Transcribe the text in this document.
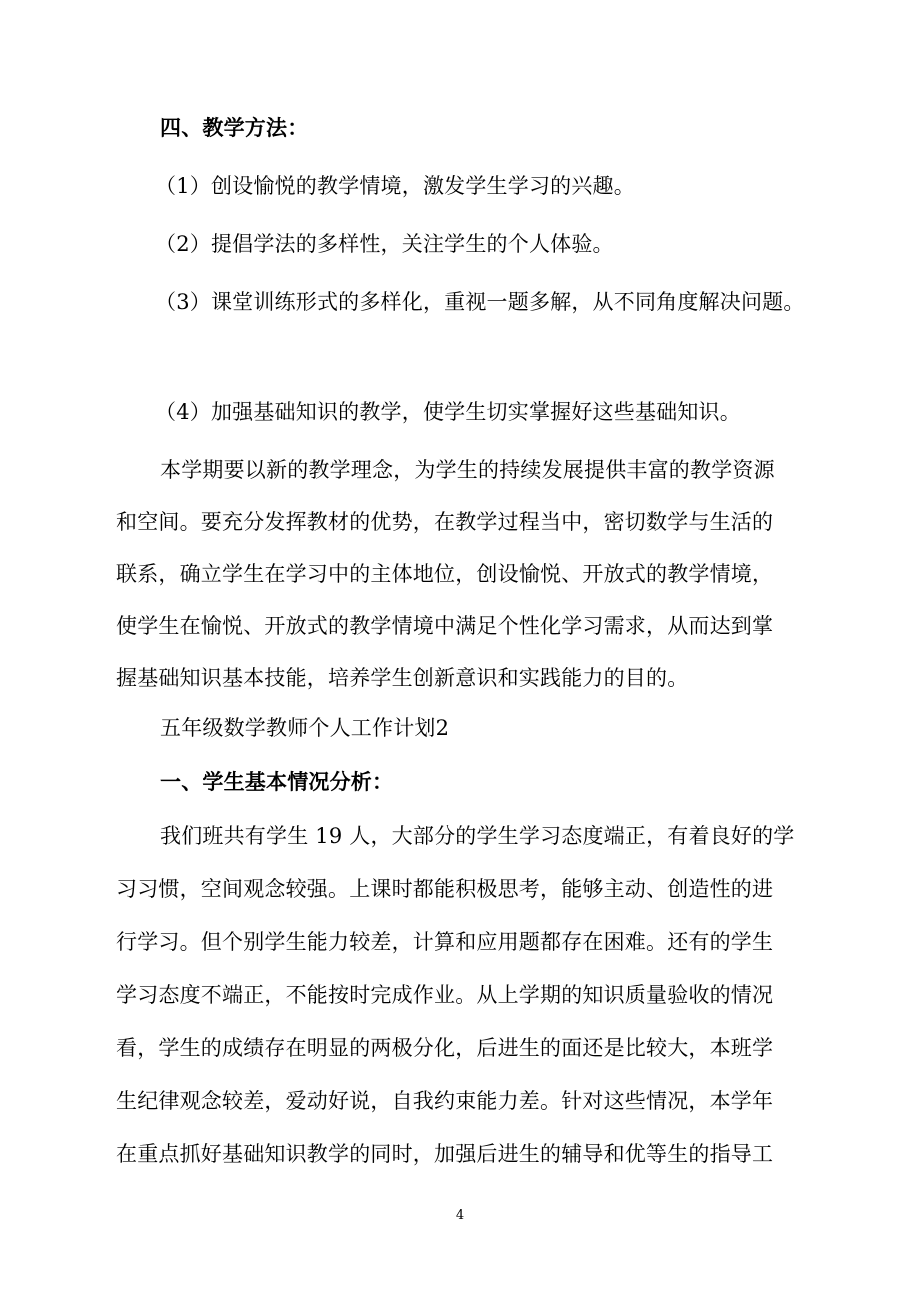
四、教学方法：
（1）创设愉悦的教学情境，激发学生学习的兴趣。
（2）提倡学法的多样性，关注学生的个人体验。
（3）课堂训练形式的多样化，重视一题多解，从不同角度解决问题。
（4）加强基础知识的教学，使学生切实掌握好这些基础知识。
本学期要以新的教学理念，为学生的持续发展提供丰富的教学资源
和空间。要充分发挥教材的优势，在教学过程当中，密切数学与生活的
联系，确立学生在学习中的主体地位，创设愉悦、开放式的教学情境，
使学生在愉悦、开放式的教学情境中满足个性化学习需求，从而达到掌
握基础知识基本技能，培养学生创新意识和实践能力的目的。
五年级数学教师个人工作计划2
一、学生基本情况分析：
我们班共有学生 19 人，大部分的学生学习态度端正，有着良好的学
习习惯，空间观念较强。上课时都能积极思考，能够主动、创造性的进
行学习。但个别学生能力较差，计算和应用题都存在困难。还有的学生
学习态度不端正，不能按时完成作业。从上学期的知识质量验收的情况
看，学生的成绩存在明显的两极分化，后进生的面还是比较大，本班学
生纪律观念较差，爱动好说，自我约束能力差。针对这些情况，本学年
在重点抓好基础知识教学的同时，加强后进生的辅导和优等生的指导工
4
